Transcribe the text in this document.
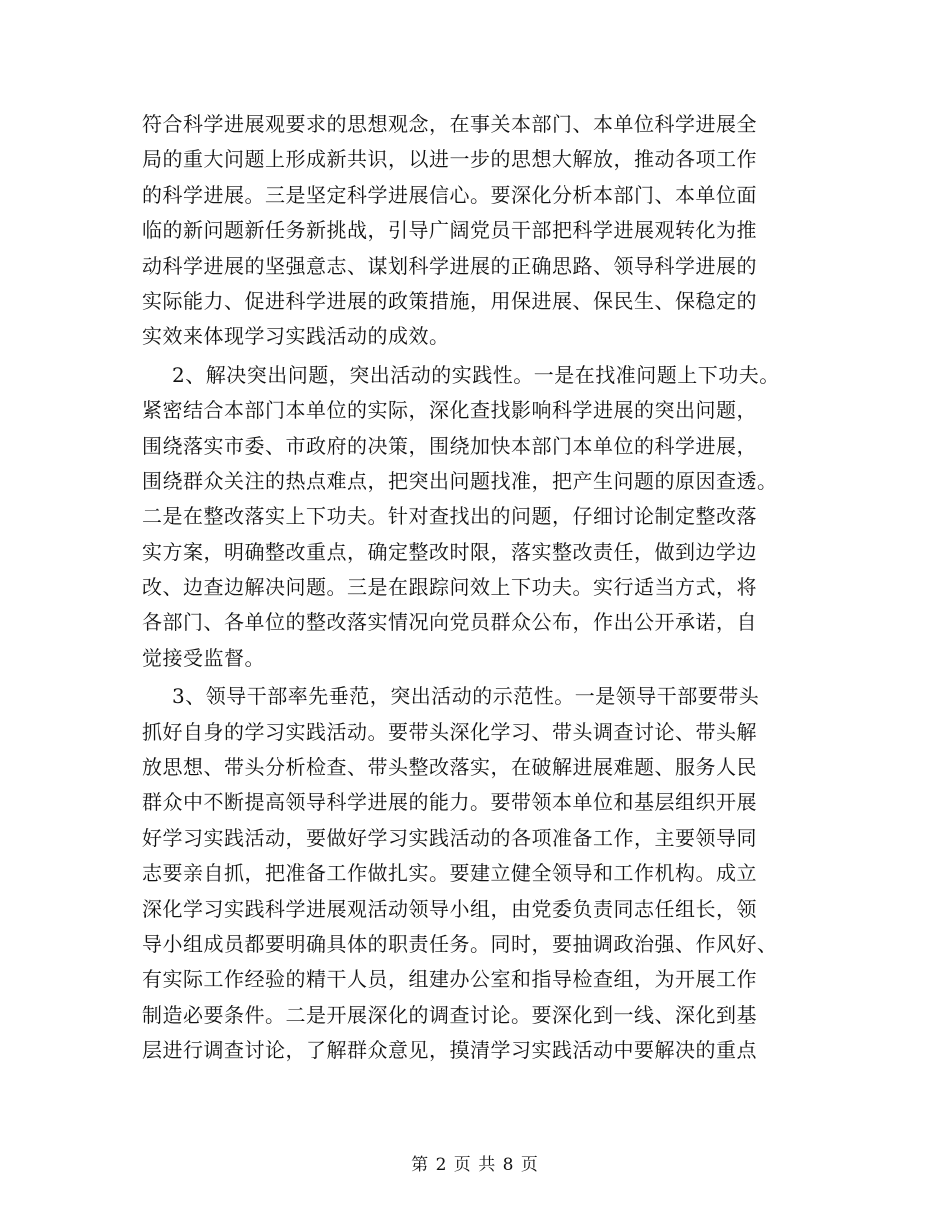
符合科学进展观要求的思想观念，在事关本部门、本单位科学进展全
局的重大问题上形成新共识，以进一步的思想大解放，推动各项工作
的科学进展。三是坚定科学进展信心。要深化分析本部门、本单位面
临的新问题新任务新挑战，引导广阔党员干部把科学进展观转化为推
动科学进展的坚强意志、谋划科学进展的正确思路、领导科学进展的
实际能力、促进科学进展的政策措施，用保进展、保民生、保稳定的
实效来体现学习实践活动的成效。
2、解决突出问题，突出活动的实践性。一是在找准问题上下功夫。
紧密结合本部门本单位的实际，深化查找影响科学进展的突出问题，
围绕落实市委、市政府的决策，围绕加快本部门本单位的科学进展，
围绕群众关注的热点难点，把突出问题找准，把产生问题的原因查透。
二是在整改落实上下功夫。针对查找出的问题，仔细讨论制定整改落
实方案，明确整改重点，确定整改时限，落实整改责任，做到边学边
改、边查边解决问题。三是在跟踪问效上下功夫。实行适当方式，将
各部门、各单位的整改落实情况向党员群众公布，作出公开承诺，自
觉接受监督。
3、领导干部率先垂范，突出活动的示范性。一是领导干部要带头
抓好自身的学习实践活动。要带头深化学习、带头调查讨论、带头解
放思想、带头分析检查、带头整改落实，在破解进展难题、服务人民
群众中不断提高领导科学进展的能力。要带领本单位和基层组织开展
好学习实践活动，要做好学习实践活动的各项准备工作，主要领导同
志要亲自抓，把准备工作做扎实。要建立健全领导和工作机构。成立
深化学习实践科学进展观活动领导小组，由党委负责同志任组长，领
导小组成员都要明确具体的职责任务。同时，要抽调政治强、作风好、
有实际工作经验的精干人员，组建办公室和指导检查组，为开展工作
制造必要条件。二是开展深化的调查讨论。要深化到一线、深化到基
层进行调查讨论，了解群众意见，摸清学习实践活动中要解决的重点
第 2 页 共 8 页
